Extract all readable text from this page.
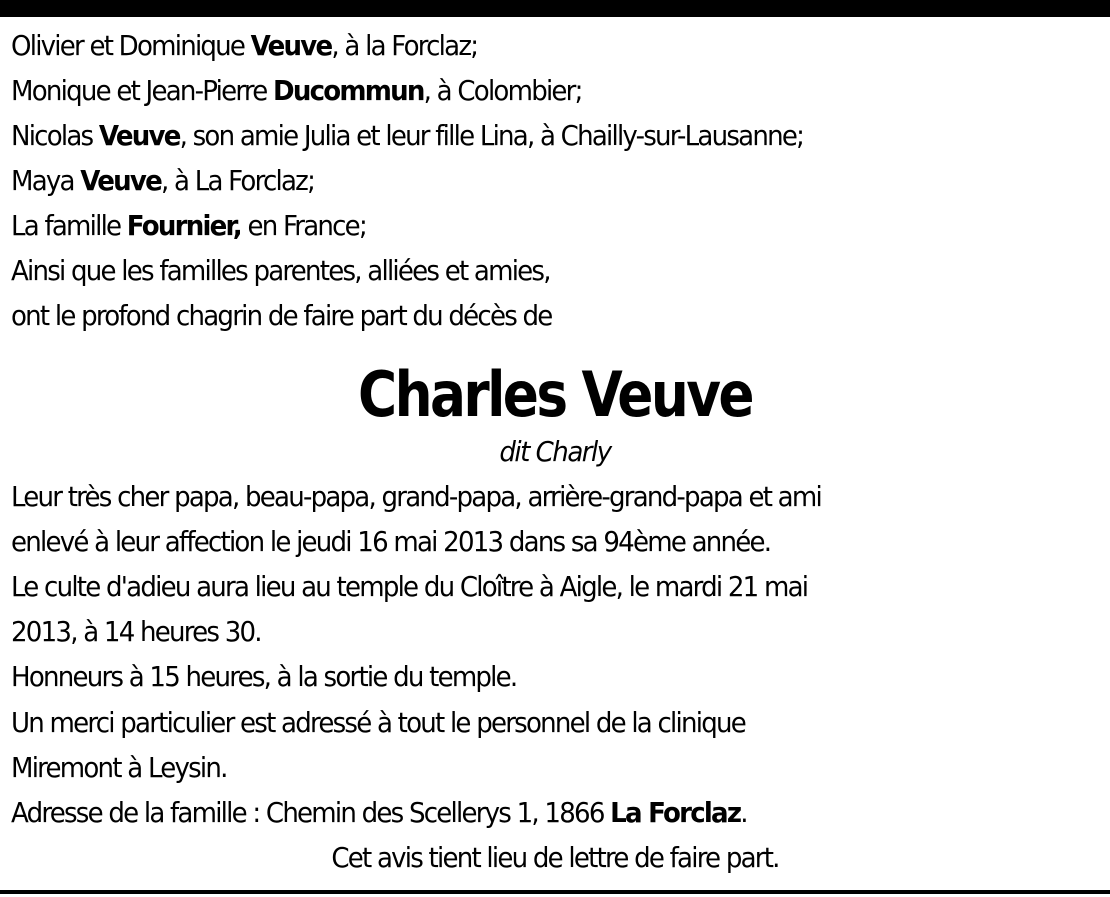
Olivier et Dominique Veuve, à la Forclaz;
Monique et Jean-Pierre Ducommun, à Colombier;
Nicolas Veuve, son amie Julia et leur fille Lina, à Chailly-sur-Lausanne;
Maya Veuve, à La Forclaz;
La famille Fournier, en France;
Ainsi que les familles parentes, alliées et amies,
ont le profond chagrin de faire part du décès de
Charles Veuve
dit Charly
Leur très cher papa, beau-papa, grand-papa, arrière-grand-papa et ami
enlevé à leur affection le jeudi 16 mai 2013 dans sa 94ème année.
Le culte d'adieu aura lieu au temple du Cloître à Aigle, le mardi 21 mai
2013, à 14 heures 30.
Honneurs à 15 heures, à la sortie du temple.
Un merci particulier est adressé à tout le personnel de la clinique
Miremont à Leysin.
Adresse de la famille : Chemin des Scellerys 1, 1866 La Forclaz.
Cet avis tient lieu de lettre de faire part.
